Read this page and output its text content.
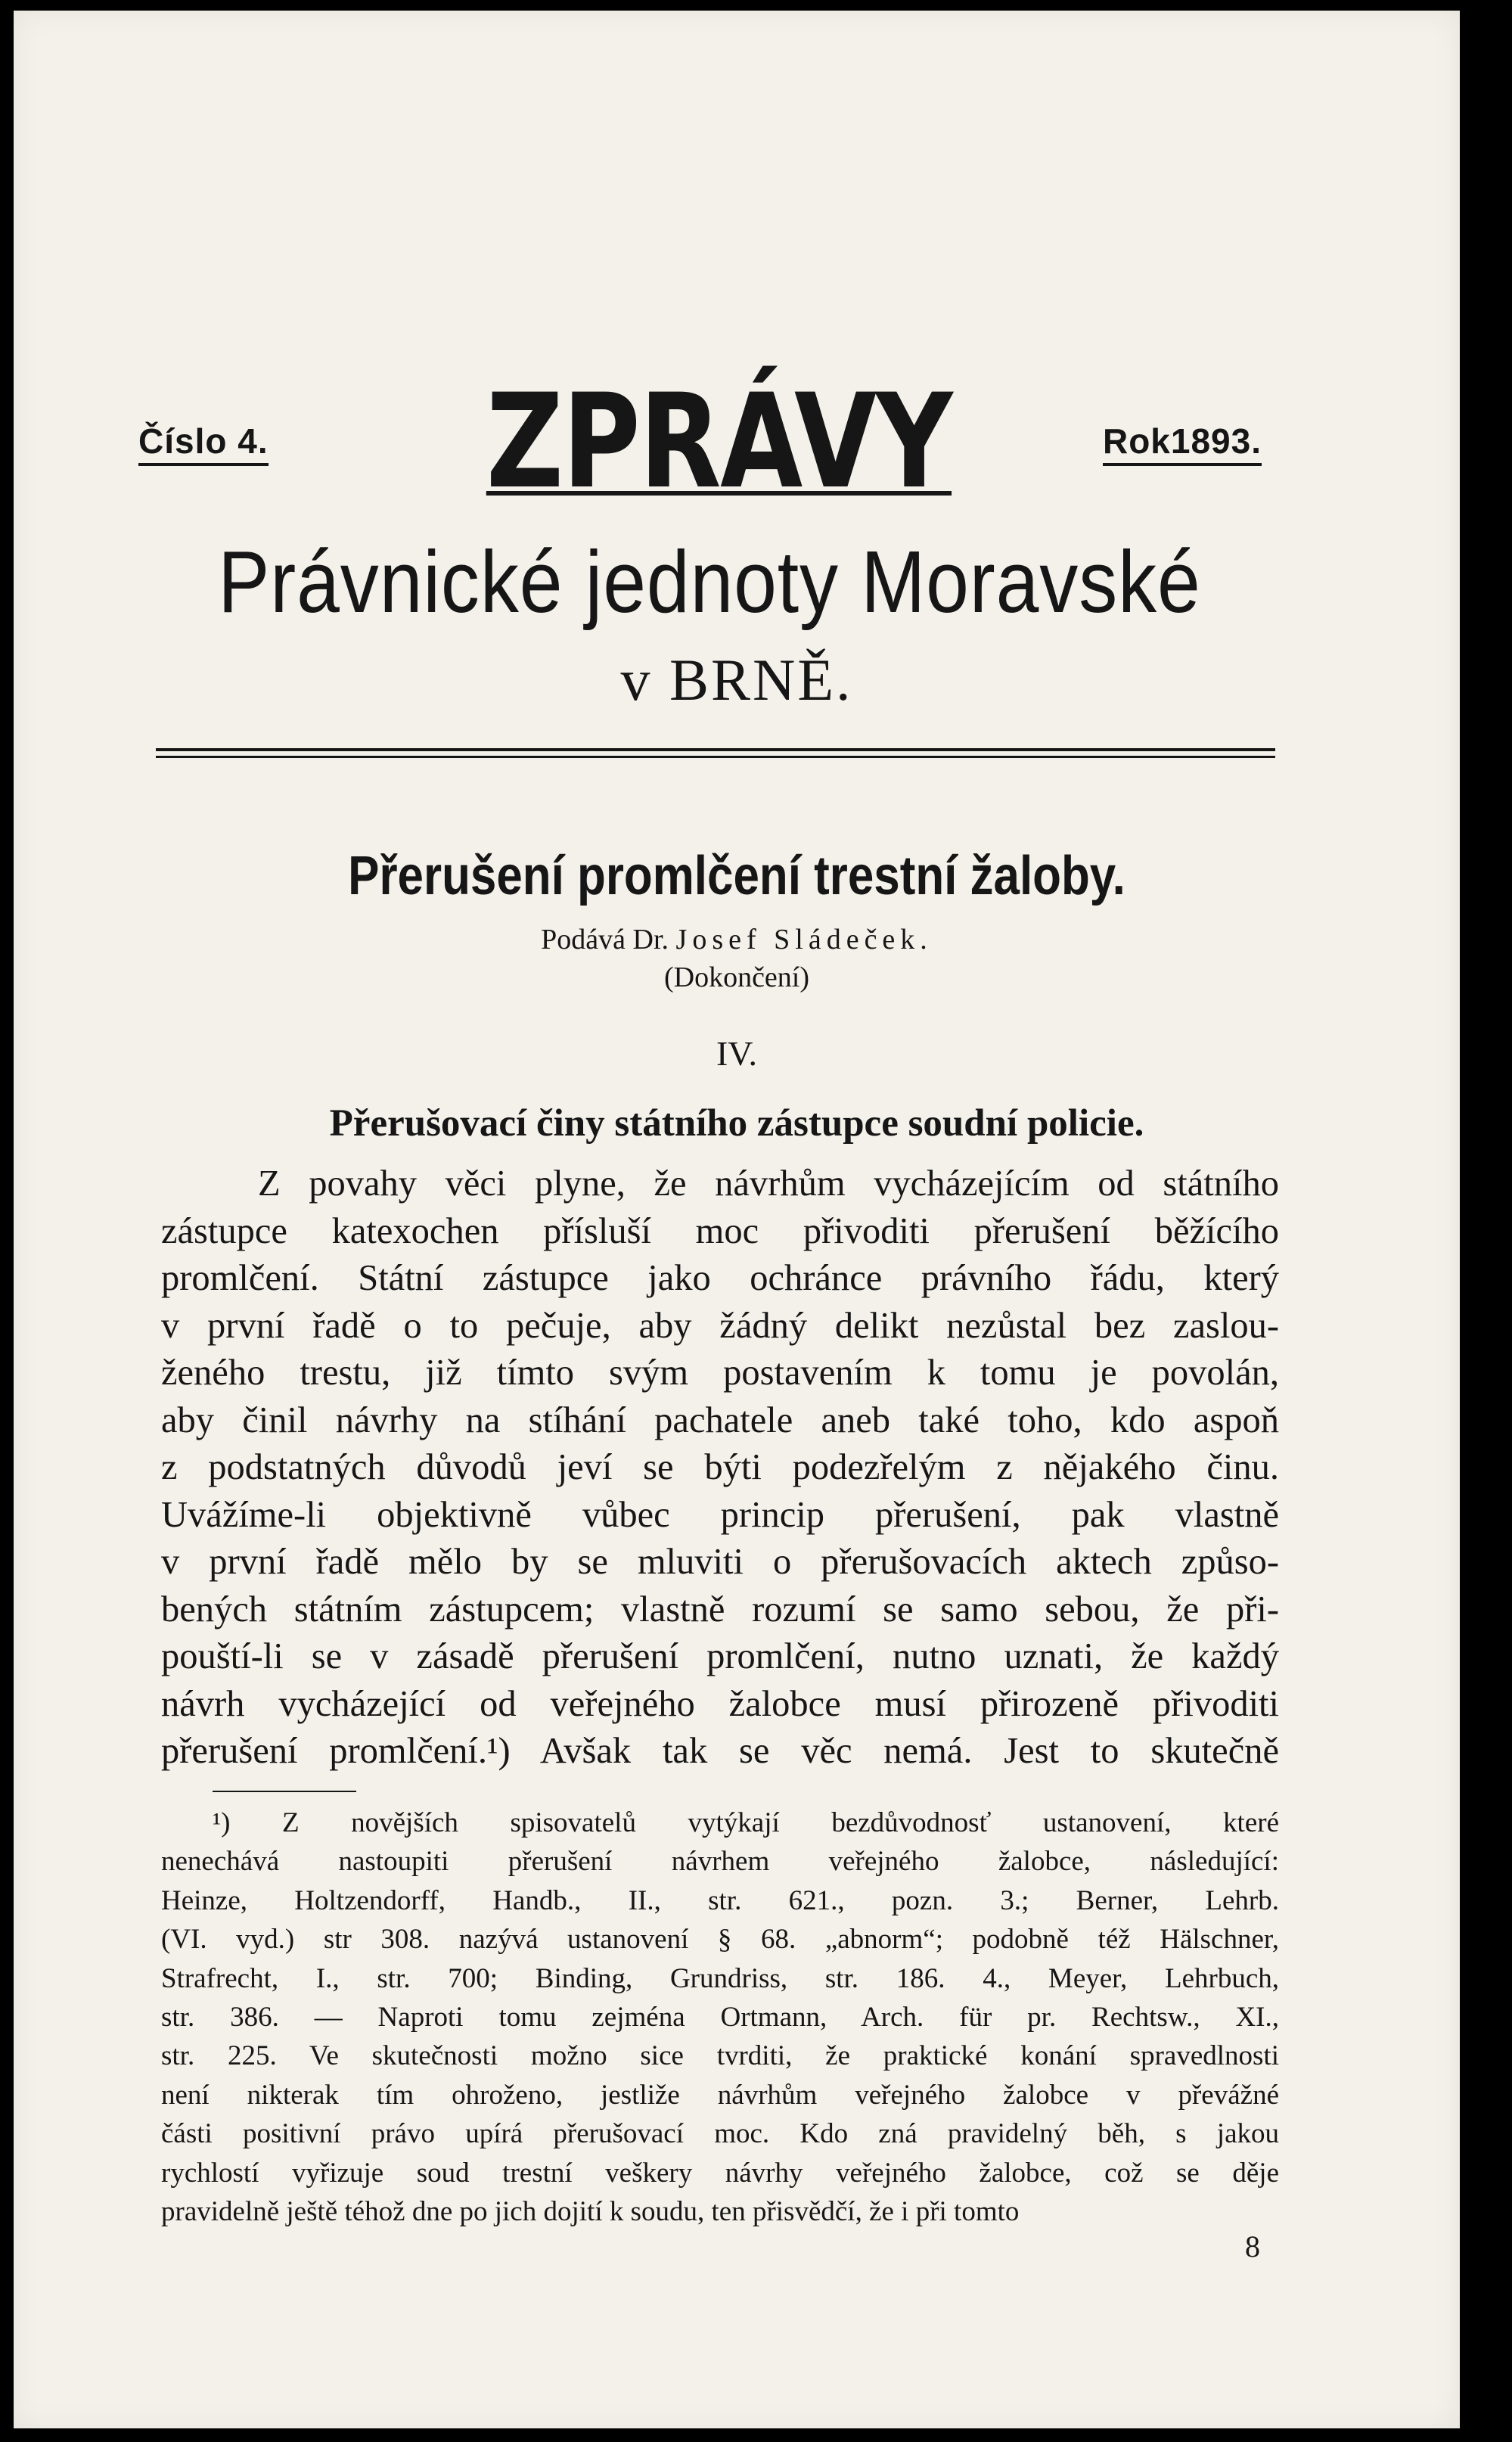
Číslo 4. ZPRÁVY	Rok1893.
Právnické jednoty Moravské
v BRNĚ.
Přerušení promlčení trestní žaloby.
Podává Dr. Josef Sládeček.
(Dokončení)
IV.
Přerušovací činy státního zástupce soudní policie.
Z povahy věci plyne, že návrhům vycházejícím od státního
zástupce katexochen přísluší moc přivoditi přerušení běžícího
promlčení. Státní zástupce jako ochránce právního řádu, který
v první řadě o to pečuje, aby žádný delikt nezůstal bez zaslou-
ženého trestu, již tímto svým postavením k tomu je povolán,
aby činil návrhy na stíhání pachatele aneb také toho, kdo aspoň
z podstatných důvodů jeví se býti podezřelým z nějakého činu.
Uvážíme-li objektivně vůbec princip přerušení, pak vlastně
v první řadě mělo by se mluviti o přerušovacích aktech způso-
bených státním zástupcem; vlastně rozumí se samo sebou, že při-
pouští-li se v zásadě přerušení promlčení, nutno uznati, že každý
návrh vycházející od veřejného žalobce musí přirozeně přivoditi
přerušení promlčení.¹) Avšak tak se věc nemá. Jest to skutečně
¹) Z novějších spisovatelů vytýkají bezdůvodnosť ustanovení, které
nenechává nastoupiti přerušení návrhem veřejného žalobce, následující:
Heinze, Holtzendorff, Handb., II., str. 621., pozn. 3.; Berner, Lehrb.
(VI. vyd.) str 308. nazývá ustanovení § 68. „abnorm“; podobně též Hälschner,
Strafrecht, I., str. 700; Binding, Grundriss, str. 186. 4., Meyer, Lehrbuch,
str. 386. — Naproti tomu zejména Ortmann, Arch. für pr. Rechtsw., XI.,
str. 225. Ve skutečnosti možno sice tvrditi, že praktické konání spravedlnosti
není nikterak tím ohroženo, jestliže návrhům veřejného žalobce v převážné
části positivní právo upírá přerušovací moc. Kdo zná pravidelný běh, s jakou
rychlostí vyřizuje soud trestní veškery návrhy veřejného žalobce, což se děje
pravidelně ještě téhož dne po jich dojití k soudu, ten přisvědčí, že i při tomto
8
